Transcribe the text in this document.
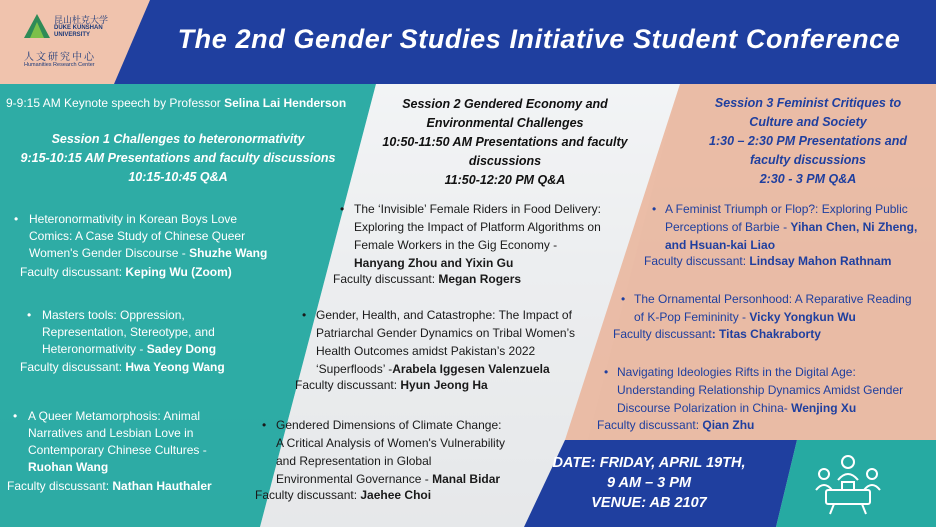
昆山杜克大学
DUKE KUNSHAN
UNIVERSITY
人文研究中心
Humanities Research Center
The 2nd Gender Studies Initiative Student Conference
9-9:15 AM Keynote speech by Professor Selina Lai Henderson
Session 1 Challenges to heteronormativity
9:15-10:15 AM Presentations and faculty discussions
10:15-10:45 Q&A
• Heteronormativity in Korean Boys Love
Comics: A Case Study of Chinese Queer
Women's Gender Discourse - Shuzhe Wang
Faculty discussant: Keping Wu (Zoom)
• Masters tools: Oppression,
Representation, Stereotype, and
Heteronormativity - Sadey Dong
Faculty discussant: Hwa Yeong Wang
• A Queer Metamorphosis: Animal
Narratives and Lesbian Love in
Contemporary Chinese Cultures -
Ruohan Wang
Faculty discussant: Nathan Hauthaler
Session 2 Gendered Economy and
Environmental Challenges
10:50-11:50 AM Presentations and faculty
discussions
11:50-12:20 PM Q&A
• The ‘Invisible’ Female Riders in Food Delivery:
Exploring the Impact of Platform Algorithms on
Female Workers in the Gig Economy -
Hanyang Zhou and Yixin Gu
Faculty discussant: Megan Rogers
• Gender, Health, and Catastrophe: The Impact of
Patriarchal Gender Dynamics on Tribal Women’s
Health Outcomes amidst Pakistan’s 2022
‘Superfloods’ -Arabela Iggesen Valenzuela
Faculty discussant: Hyun Jeong Ha
• Gendered Dimensions of Climate Change:
A Critical Analysis of Women's Vulnerability
and Representation in Global
Environmental Governance - Manal Bidar
Faculty discussant: Jaehee Choi
Session 3 Feminist Critiques to
Culture and Society
1:30 – 2:30 PM Presentations and
faculty discussions
2:30 - 3 PM Q&A
• A Feminist Triumph or Flop?: Exploring Public
Perceptions of Barbie - Yihan Chen, Ni Zheng,
and Hsuan-kai Liao
Faculty discussant: Lindsay Mahon Rathnam
• The Ornamental Personhood: A Reparative Reading
of K-Pop Femininity - Vicky Yongkun Wu
Faculty discussant: Titas Chakraborty
• Navigating Ideologies Rifts in the Digital Age:
Understanding Relationship Dynamics Amidst Gender
Discourse Polarization in China- Wenjing Xu
Faculty discussant: Qian Zhu
DATE: FRIDAY, APRIL 19TH,
9 AM – 3 PM
VENUE: AB 2107
